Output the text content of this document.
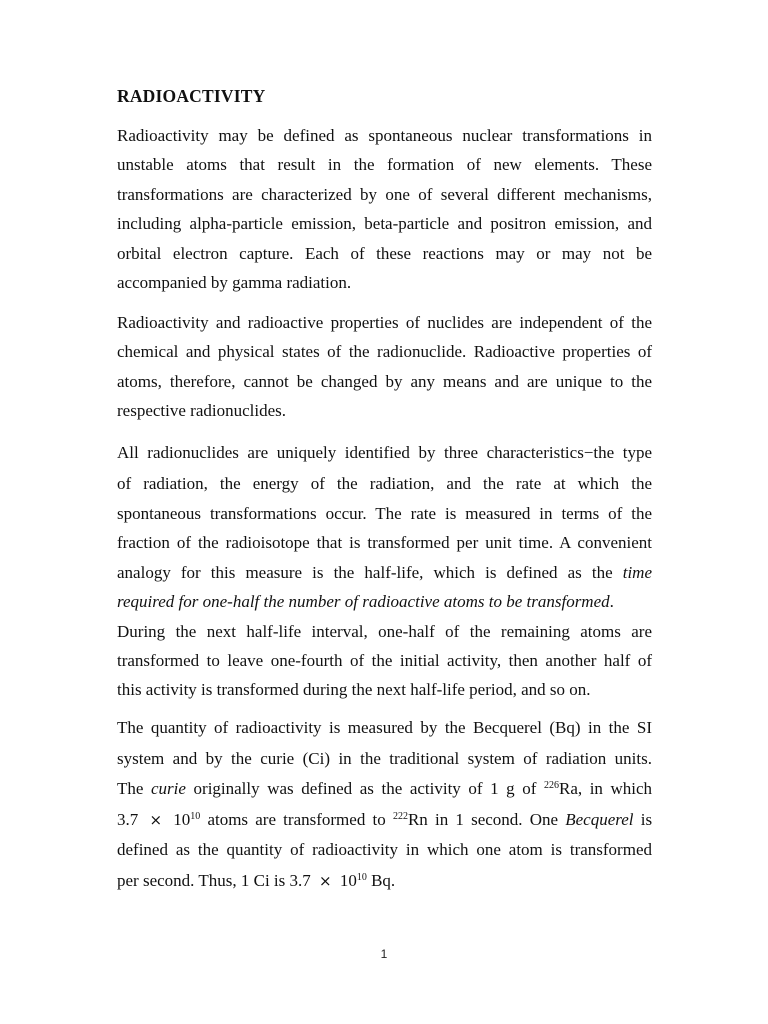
RADIOACTIVITY

Radioactivity may be defined as spontaneous nuclear transformations in
unstable atoms that result in the formation of new elements. These
transformations are characterized by one of several different mechanisms,
including alpha-particle emission, beta-particle and positron emission, and
orbital electron capture. Each of these reactions may or may not be
accompanied by gamma radiation.

Radioactivity and radioactive properties of nuclides are independent of the
chemical and physical states of the radionuclide. Radioactive properties of
atoms, therefore, cannot be changed by any means and are unique to the
respective radionuclides.

All radionuclides are uniquely identified by three characteristics−the type
of radiation, the energy of the radiation, and the rate at which the
spontaneous transformations occur. The rate is measured in terms of the
fraction of the radioisotope that is transformed per unit time. A convenient
analogy for this measure is the half-life, which is defined as the time
required for one-half the number of radioactive atoms to be transformed.
During the next half-life interval, one-half of the remaining atoms are
transformed to leave one-fourth of the initial activity, then another half of
this activity is transformed during the next half-life period, and so on.

The quantity of radioactivity is measured by the Becquerel (Bq) in the SI
system and by the curie (Ci) in the traditional system of radiation units.
The curie originally was defined as the activity of 1 g of $^{226}$Ra, in which
$3.7 \times 10^{10}$ atoms are transformed to $^{222}$Rn in 1 second. One Becquerel is
defined as the quantity of radioactivity in which one atom is transformed
per second. Thus, 1 Ci is $3.7 \times 10^{10}$ Bq.

1
